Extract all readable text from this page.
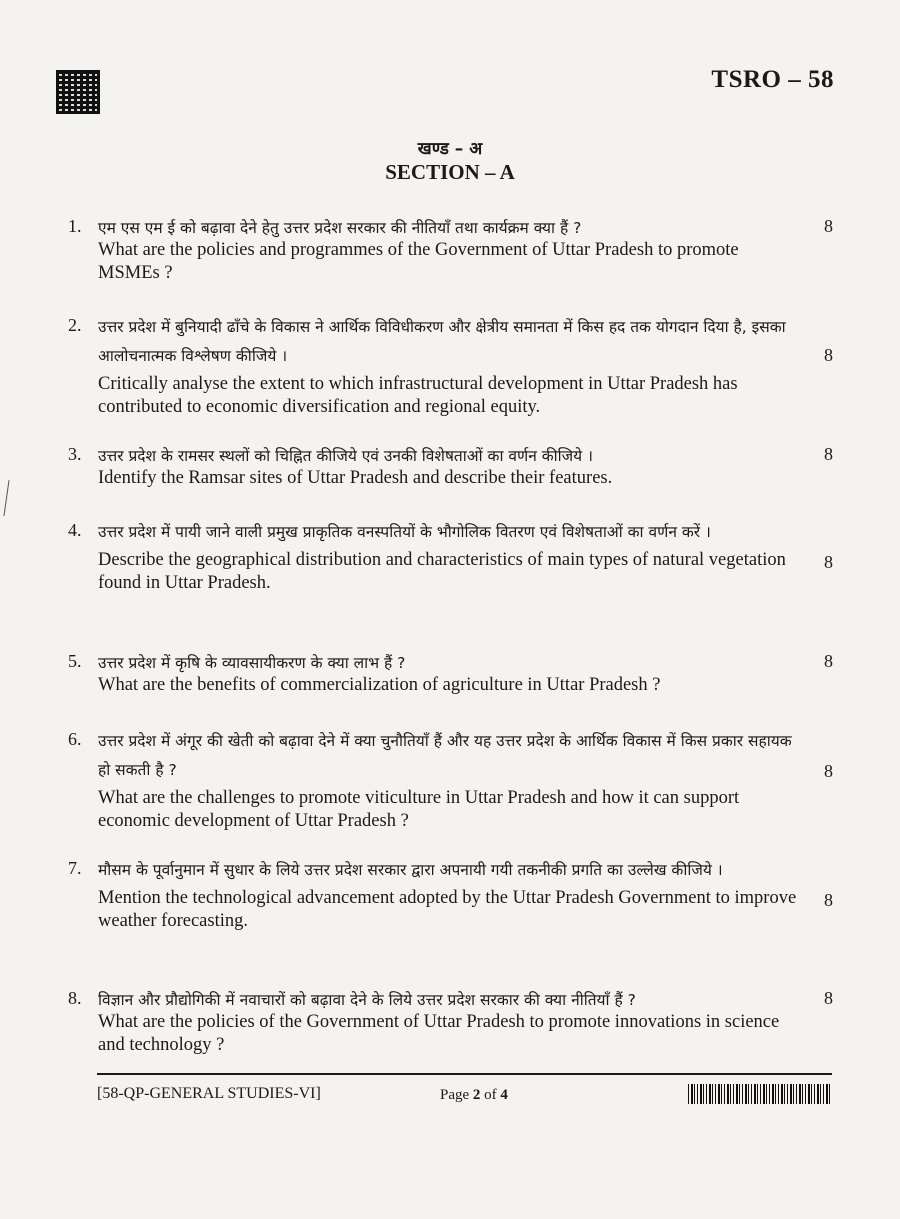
TSRO – 58
खण्ड – अ
SECTION – A
1. एम एस एम ई को बढ़ावा देने हेतु उत्तर प्रदेश सरकार की नीतियाँ तथा कार्यक्रम क्या हैं ?

What are the policies and programmes of the Government of Uttar Pradesh to promote MSMEs ?

8
2. उत्तर प्रदेश में बुनियादी ढाँचे के विकास ने आर्थिक विविधीकरण और क्षेत्रीय समानता में किस हद तक योगदान दिया है, इसका आलोचनात्मक विश्लेषण कीजिये ।

Critically analyse the extent to which infrastructural development in Uttar Pradesh has contributed to economic diversification and regional equity.

8
3. उत्तर प्रदेश के रामसर स्थलों को चिह्नित कीजिये एवं उनकी विशेषताओं का वर्णन कीजिये ।

Identify the Ramsar sites of Uttar Pradesh and describe their features.

8
4. उत्तर प्रदेश में पायी जाने वाली प्रमुख प्राकृतिक वनस्पतियों के भौगोलिक वितरण एवं विशेषताओं का वर्णन करें ।

Describe the geographical distribution and characteristics of main types of natural vegetation found in Uttar Pradesh.

8
5. उत्तर प्रदेश में कृषि के व्यावसायीकरण के क्या लाभ हैं ?

What are the benefits of commercialization of agriculture in Uttar Pradesh ?

8
6. उत्तर प्रदेश में अंगूर की खेती को बढ़ावा देने में क्या चुनौतियाँ हैं और यह उत्तर प्रदेश के आर्थिक विकास में किस प्रकार सहायक हो सकती है ?

What are the challenges to promote viticulture in Uttar Pradesh and how it can support economic development of Uttar Pradesh ?

8
7. मौसम के पूर्वानुमान में सुधार के लिये उत्तर प्रदेश सरकार द्वारा अपनायी गयी तकनीकी प्रगति का उल्लेख कीजिये ।

Mention the technological advancement adopted by the Uttar Pradesh Government to improve weather forecasting.

8
8. विज्ञान और प्रौद्योगिकी में नवाचारों को बढ़ावा देने के लिये उत्तर प्रदेश सरकार की क्या नीतियाँ हैं ?

What are the policies of the Government of Uttar Pradesh to promote innovations in science and technology ?

8
[58-QP-GENERAL STUDIES-VI]	Page 2 of 4
